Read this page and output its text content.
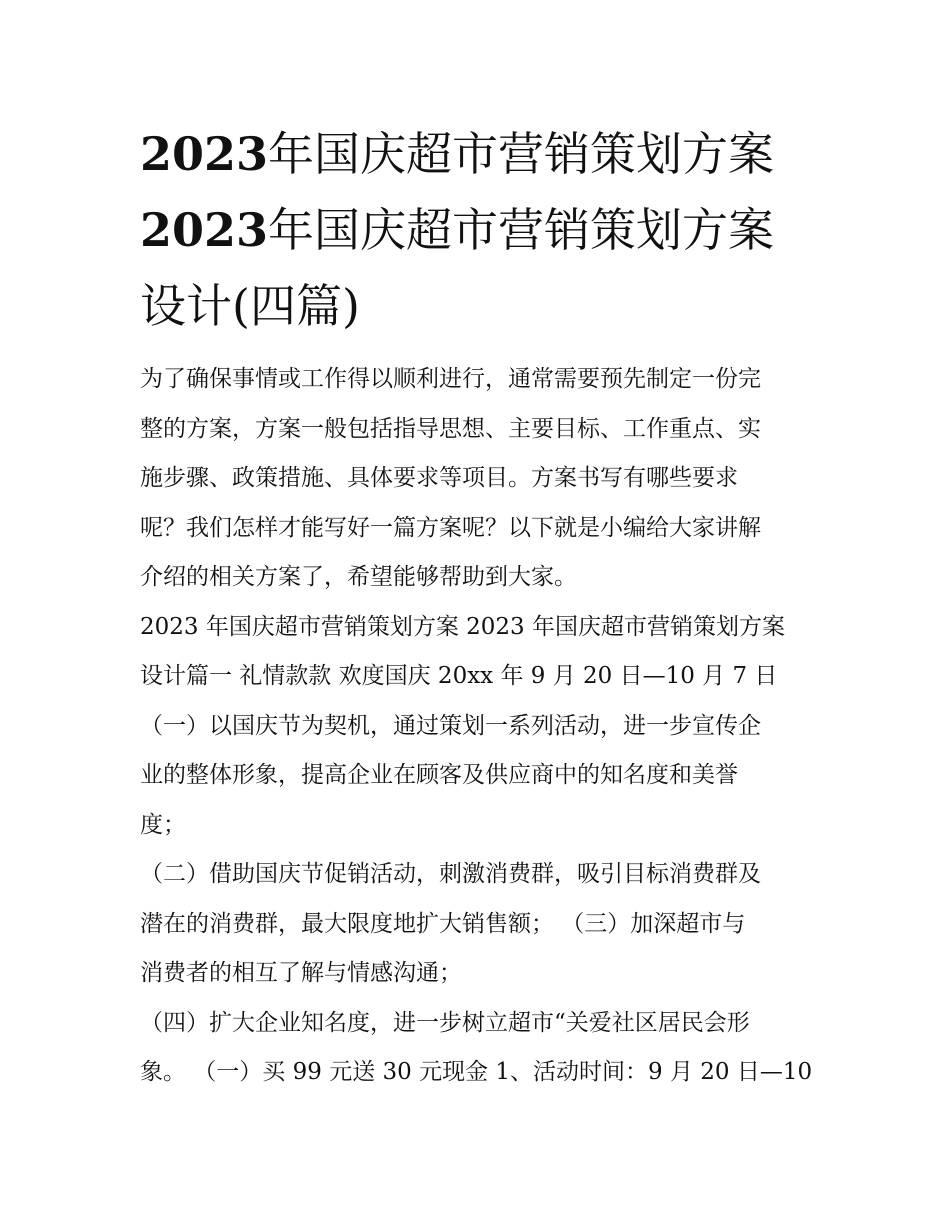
2023年国庆超市营销策划方案
2023年国庆超市营销策划方案
设计(四篇)
为了确保事情或工作得以顺利进行，通常需要预先制定一份完
整的方案，方案一般包括指导思想、主要目标、工作重点、实
施步骤、政策措施、具体要求等项目。方案书写有哪些要求
呢？我们怎样才能写好一篇方案呢？以下就是小编给大家讲解
介绍的相关方案了，希望能够帮助到大家。
2023 年国庆超市营销策划方案 2023 年国庆超市营销策划方案
设计篇一 礼情款款 欢度国庆 20xx 年 9 月 20 日—10 月 7 日
（一）以国庆节为契机，通过策划一系列活动，进一步宣传企
业的整体形象，提高企业在顾客及供应商中的知名度和美誉
度；
（二）借助国庆节促销活动，刺激消费群，吸引目标消费群及
潜在的消费群，最大限度地扩大销售额； （三）加深超市与
消费者的相互了解与情感沟通；
（四）扩大企业知名度，进一步树立超市“关爱社区居民会形
象。 （一）买 99 元送 30 元现金 1、活动时间：9 月 20 日—10
